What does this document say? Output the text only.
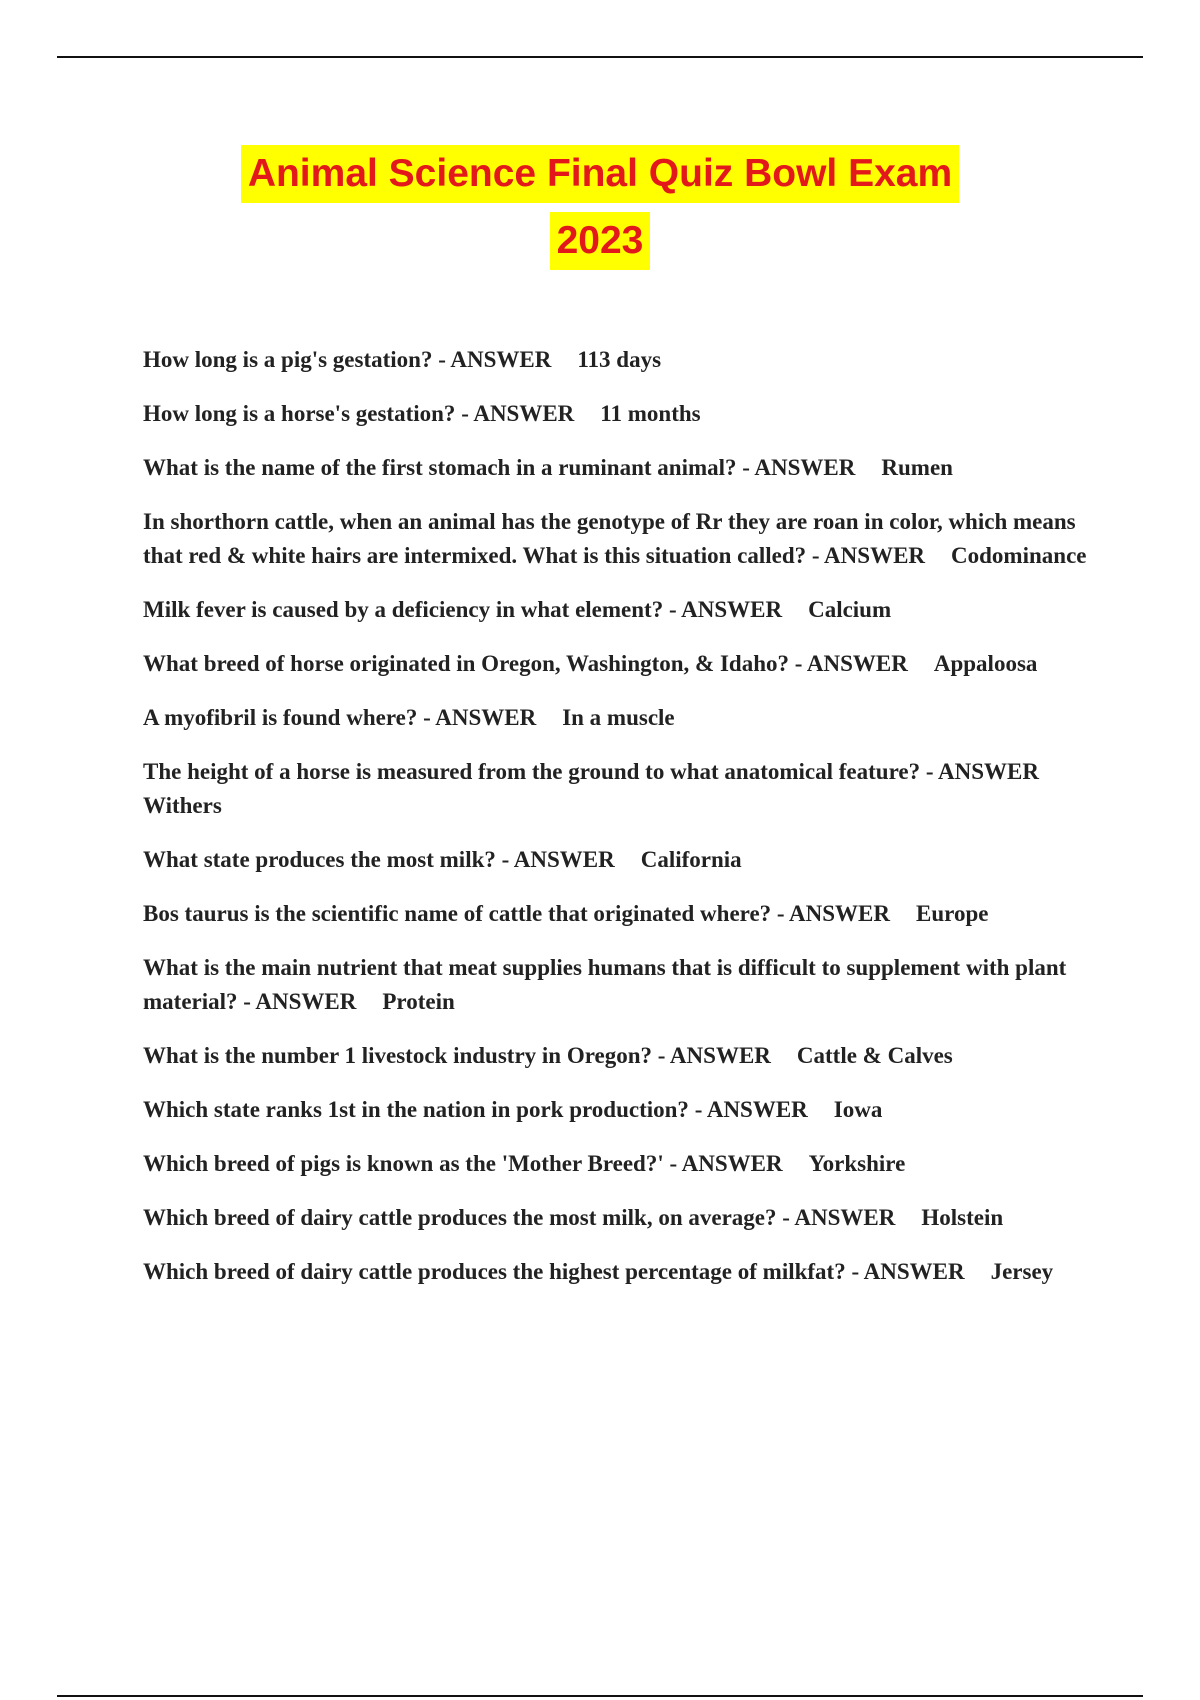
Animal Science Final Quiz Bowl Exam
2023

How long is a pig's gestation? - ANSWER 113 days

How long is a horse's gestation? - ANSWER 11 months

What is the name of the first stomach in a ruminant animal? - ANSWER Rumen

In shorthorn cattle, when an animal has the genotype of Rr they are roan in color, which means that red & white hairs are intermixed. What is this situation called? - ANSWER Codominance

Milk fever is caused by a deficiency in what element? - ANSWER Calcium

What breed of horse originated in Oregon, Washington, & Idaho? - ANSWER Appaloosa

A myofibril is found where? - ANSWER In a muscle

The height of a horse is measured from the ground to what anatomical feature? - ANSWERWithers

What state produces the most milk? - ANSWER California

Bos taurus is the scientific name of cattle that originated where? - ANSWER Europe

What is the main nutrient that meat supplies humans that is difficult to supplement with plant material? - ANSWER Protein

What is the number 1 livestock industry in Oregon? - ANSWER Cattle & Calves

Which state ranks 1st in the nation in pork production? - ANSWER Iowa

Which breed of pigs is known as the 'Mother Breed?' - ANSWER Yorkshire

Which breed of dairy cattle produces the most milk, on average? - ANSWER Holstein

Which breed of dairy cattle produces the highest percentage of milkfat? - ANSWER Jersey
